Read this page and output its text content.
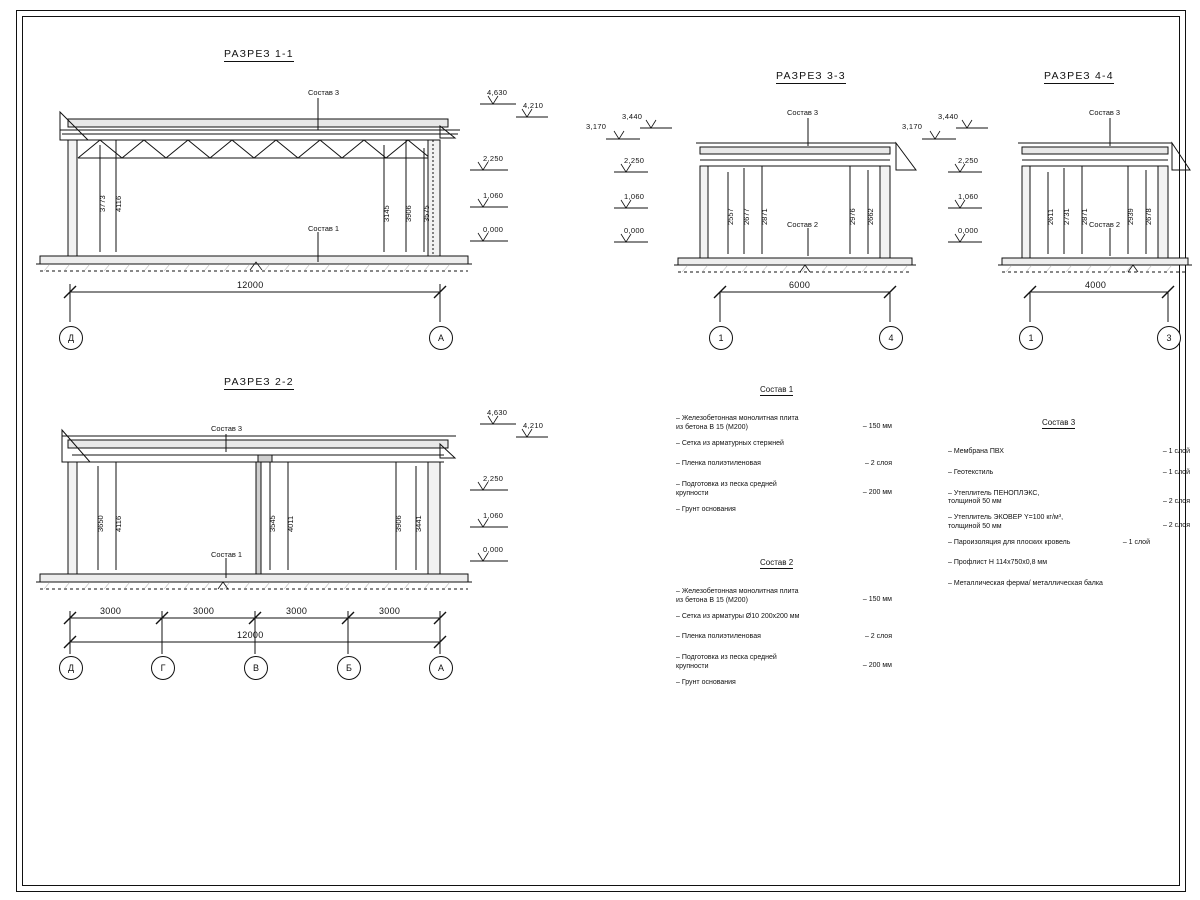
РАЗРЕЗ 1-1
Состав 3
Состав 1
3773 4116
3145 3906 3575
4,630
4,210
2,250
1,060
0,000
12000
Д	A
РАЗРЕЗ 3-3
Состав 3
Состав 2
2557 2677 2871	2976 2662
3,170
3,440
2,250
1,060
0,000
6000
1	4
РАЗРЕЗ 4-4
Состав 3
Состав 2
2611 2731 2871	2939 2678
3,170
3,440
2,250
1,060
0,000
4000
1	3
РАЗРЕЗ 2-2
Состав 3
Состав 1
3650 4116	3545 4011	3906 3441
4,630
4,210
2,250
1,060
0,000
3000	3000	3000	3000
12000
Д	Г	В	Б	A
Состав 1
– Железобетонная монолитная плита
из бетона В 15 (М200)	– 150 мм
– Сетка из арматурных стержней
– Пленка полиэтиленовая	– 2 слоя
– Подготовка из песка средней
крупности	– 200 мм
– Грунт основания
Состав 2
– Железобетонная монолитная плита
из бетона В 15 (М200)	– 150 мм
– Сетка из арматуры Ø10 200х200 мм
– Пленка полиэтиленовая	– 2 слоя
– Подготовка из песка средней
крупности	– 200 мм
– Грунт основания
Состав 3
– Мембрана ПВХ	– 1 слой
– Геотекстиль	– 1 слой
– Утеплитель ПЕНОПЛЭКС,
толщиной 50 мм	– 2 слоя
– Утеплитель ЭКОВЕР Y=100 кг/м³,
толщиной 50 мм	– 2 слоя
– Пароизоляция для плоских кровель	– 1 слой
– Профлист Н 114х750х0,8 мм
– Металлическая ферма/ металлическая балка
